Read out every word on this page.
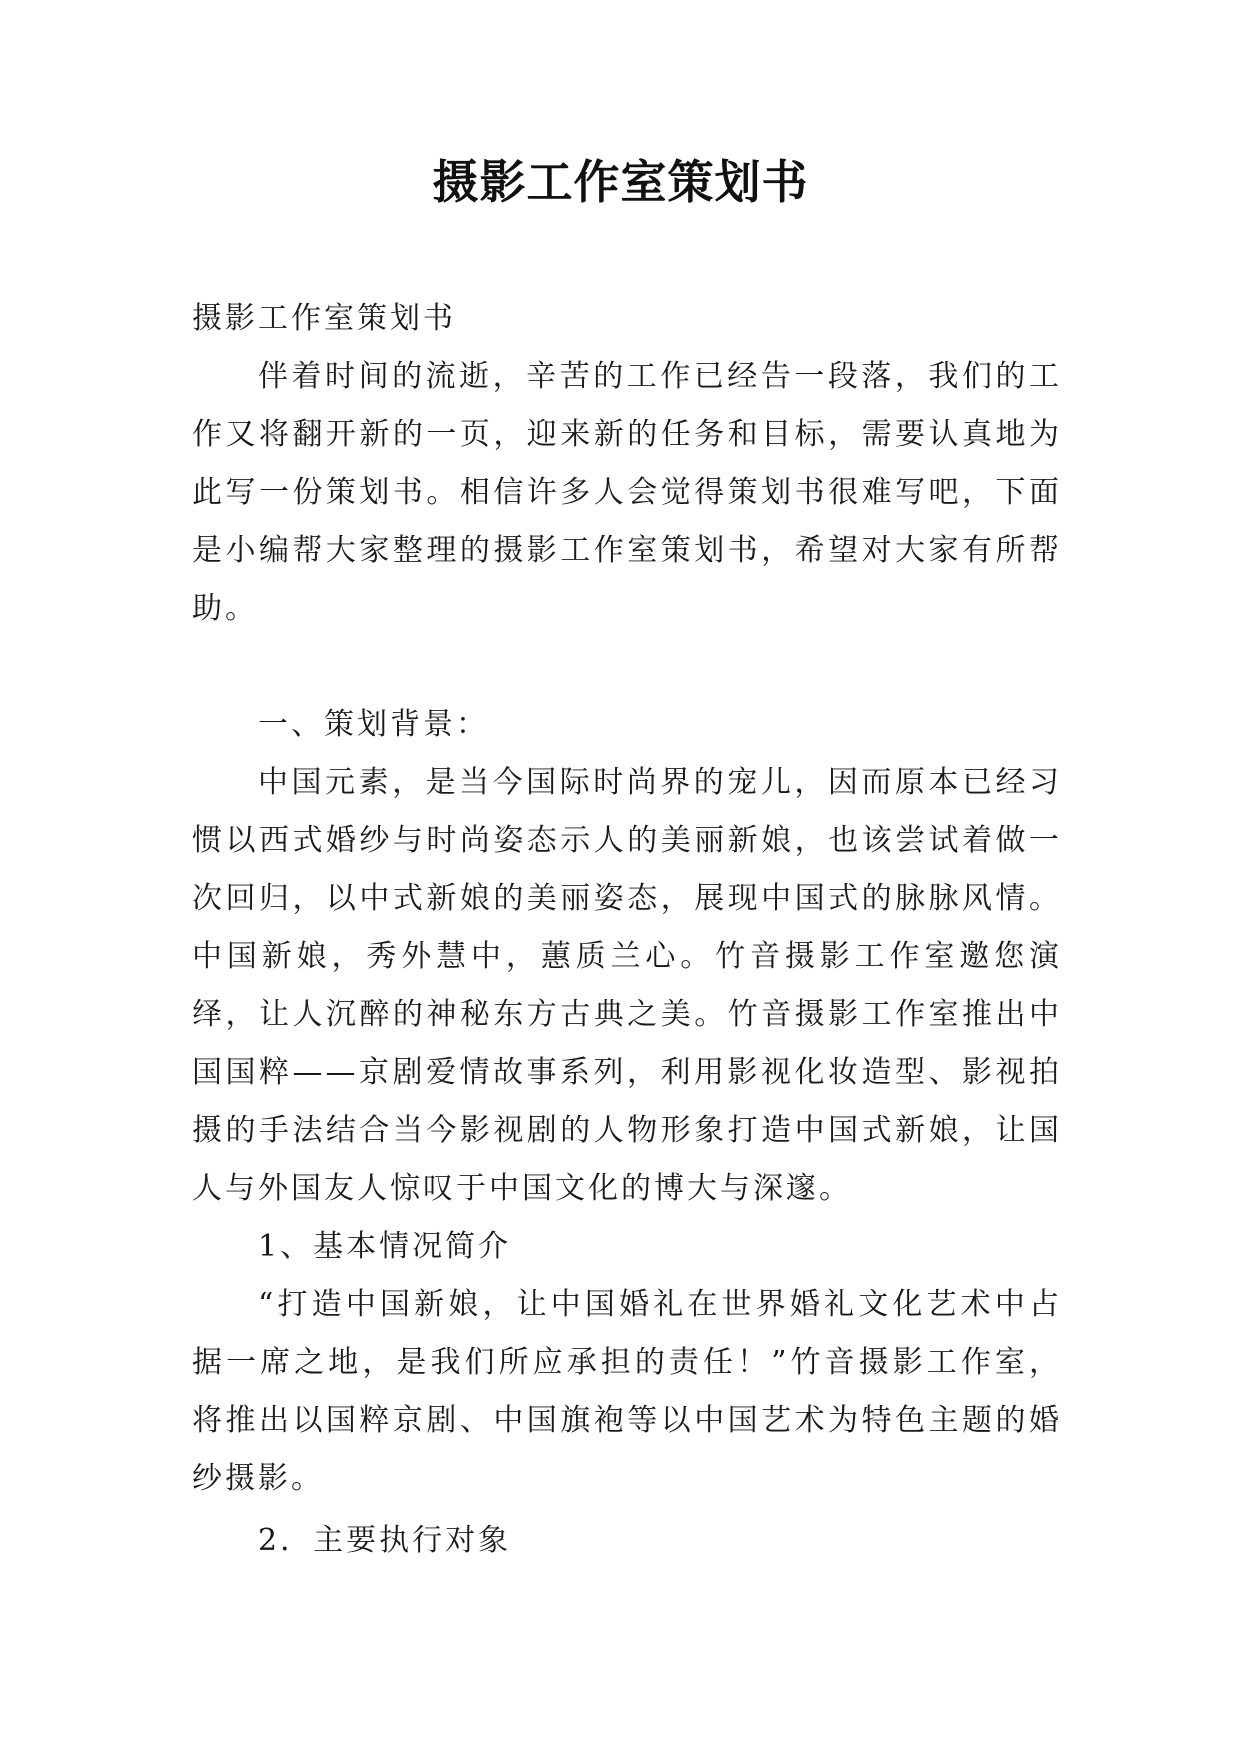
摄影工作室策划书

摄影工作室策划书

伴着时间的流逝，辛苦的工作已经告一段落，我们的工作又将翻开新的一页，迎来新的任务和目标，需要认真地为此写一份策划书。相信许多人会觉得策划书很难写吧，下面是小编帮大家整理的摄影工作室策划书，希望对大家有所帮助。

一、策划背景：

中国元素，是当今国际时尚界的宠儿，因而原本已经习惯以西式婚纱与时尚姿态示人的美丽新娘，也该尝试着做一次回归，以中式新娘的美丽姿态，展现中国式的脉脉风情。中国新娘，秀外慧中，蕙质兰心。竹音摄影工作室邀您演绎，让人沉醉的神秘东方古典之美。竹音摄影工作室推出中国国粹——京剧爱情故事系列，利用影视化妆造型、影视拍摄的手法结合当今影视剧的人物形象打造中国式新娘，让国人与外国友人惊叹于中国文化的博大与深邃。

1、基本情况简介

“打造中国新娘，让中国婚礼在世界婚礼文化艺术中占据一席之地，是我们所应承担的责任！”竹音摄影工作室，将推出以国粹京剧、中国旗袍等以中国艺术为特色主题的婚纱摄影。

2．主要执行对象
